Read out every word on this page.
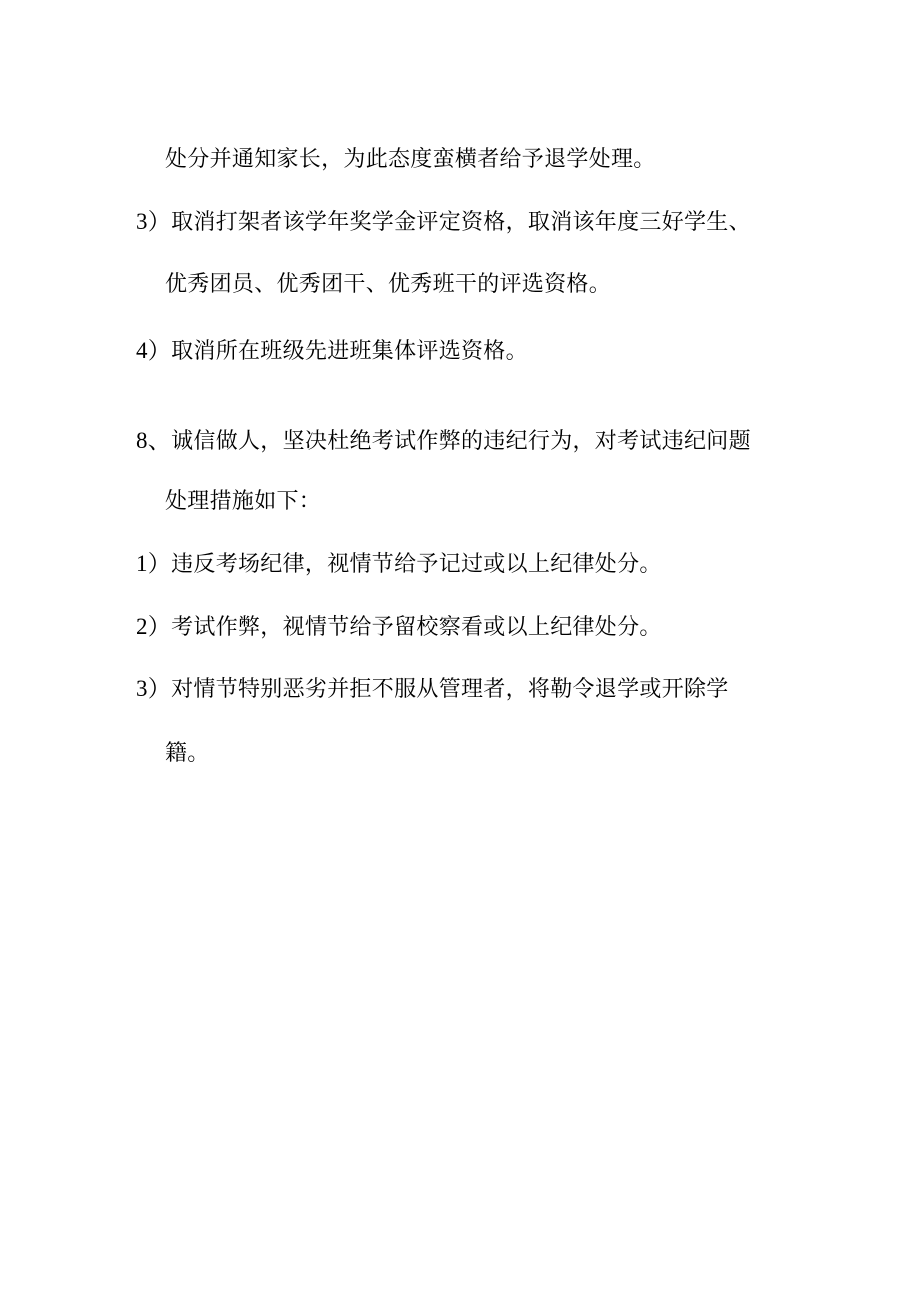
处分并通知家长，为此态度蛮横者给予退学处理。
3）取消打架者该学年奖学金评定资格，取消该年度三好学生、
优秀团员、优秀团干、优秀班干的评选资格。
4）取消所在班级先进班集体评选资格。
8、诚信做人，坚决杜绝考试作弊的违纪行为，对考试违纪问题
处理措施如下：
1）违反考场纪律，视情节给予记过或以上纪律处分。
2）考试作弊，视情节给予留校察看或以上纪律处分。
3）对情节特别恶劣并拒不服从管理者，将勒令退学或开除学
籍。
